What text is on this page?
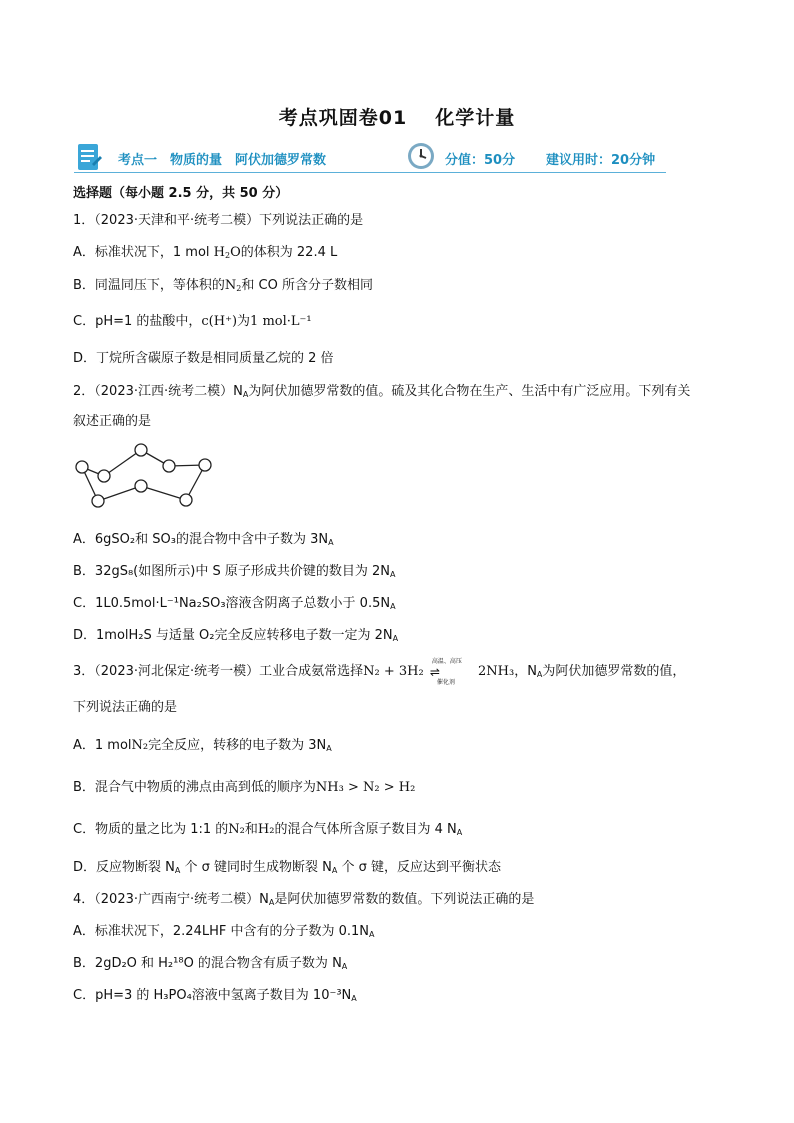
考点巩固卷01 化学计量
考点一　物质的量　阿伏加德罗常数	分值：50分 建议用时：20分钟
选择题（每小题 2.5 分，共 50 分）
1．（2023·天津和平·统考二模）下列说法正确的是
A．标准状况下，1 mol $H_2O$的体积为 22.4 L
B．同温同压下，等体积的$N_2$和 CO 所含分子数相同
C．pH=1 的盐酸中，c(H⁺)为1 mol·L⁻¹
D．丁烷所含碳原子数是相同质量乙烷的 2 倍
2．（2023·江西·统考二模）$N_A$为阿伏加德罗常数的值。硫及其化合物在生产、生活中有广泛应用。下列有关
叙述正确的是
A．6gSO₂和 SO₃的混合物中含中子数为 $3N_A$
B．32gS₈(如图所示)中 S 原子形成共价键的数目为 $2N_A$
C．1L0.5mol·L⁻¹Na₂SO₃溶液含阴离子总数小于 $0.5N_A$
D．1molH₂S 与适量 O₂完全反应转移电子数一定为 $2N_A$
3．（2023·河北保定·统考一模）工业合成氨常选择N₂ + 3H₂
高温、高压
⇌
催化剂
2NH₃，$N_A$为阿伏加德罗常数的值，
下列说法正确的是
A．1 molN₂完全反应，转移的电子数为 $3N_A$
B．混合气中物质的沸点由高到低的顺序为NH₃ > N₂ > H₂
C．物质的量之比为 1:1 的N₂和H₂的混合气体所含原子数目为 4 $N_A$
D．反应物断裂 $N_A$ 个 σ 键同时生成物断裂 $N_A$ 个 σ 键，反应达到平衡状态
4．（2023·广西南宁·统考二模）$N_A$是阿伏加德罗常数的数值。下列说法正确的是
A．标准状况下，2.24LHF 中含有的分子数为 $0.1N_A$
B．2gD₂O 和 H₂¹⁸O 的混合物含有质子数为 $N_A$
C．pH=3 的 H₃PO₄溶液中氢离子数目为 $10^{-3}N_A$
